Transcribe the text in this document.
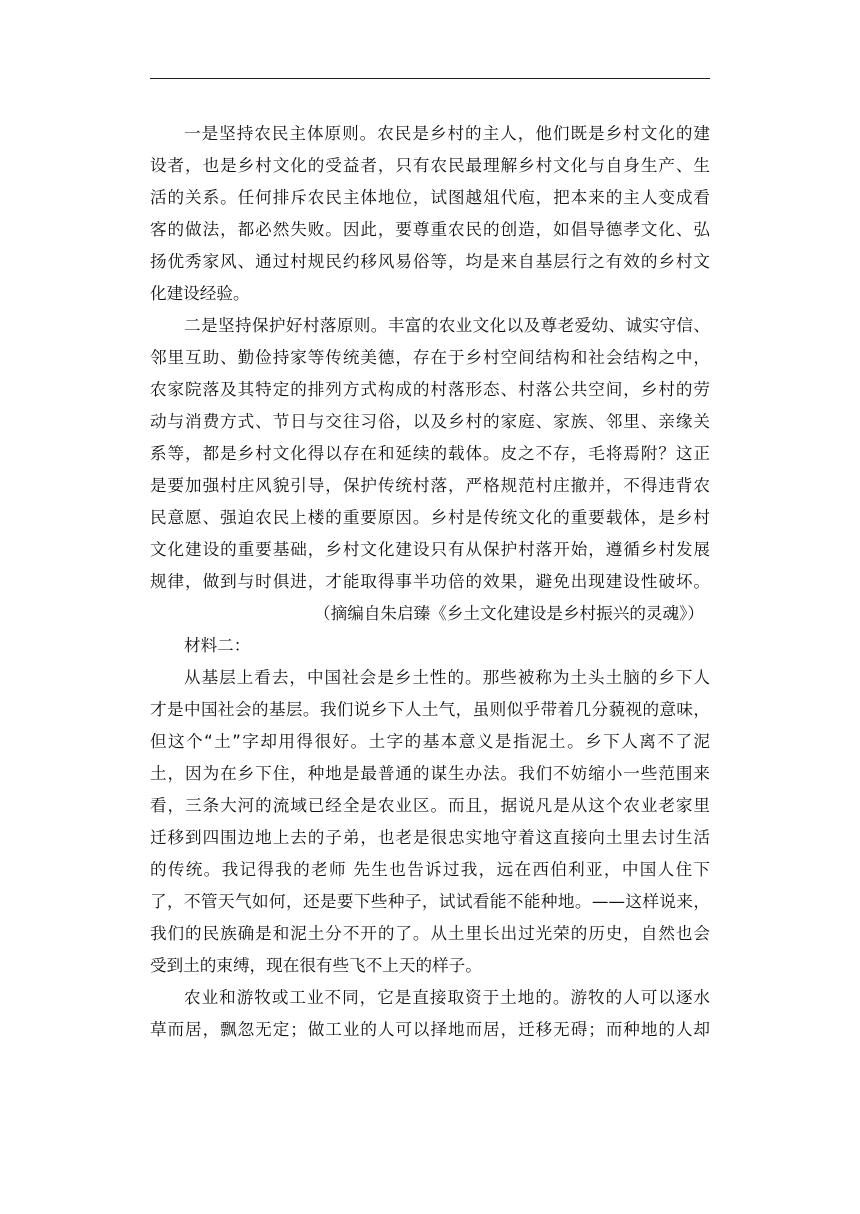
一是坚持农民主体原则。农民是乡村的主人，他们既是乡村文化的建
设者，也是乡村文化的受益者，只有农民最理解乡村文化与自身生产、生
活的关系。任何排斥农民主体地位，试图越俎代庖，把本来的主人变成看
客的做法，都必然失败。因此，要尊重农民的创造，如倡导德孝文化、弘
扬优秀家风、通过村规民约移风易俗等，均是来自基层行之有效的乡村文
化建设经验。
二是坚持保护好村落原则。丰富的农业文化以及尊老爱幼、诚实守信、
邻里互助、勤俭持家等传统美德，存在于乡村空间结构和社会结构之中，
农家院落及其特定的排列方式构成的村落形态、村落公共空间，乡村的劳
动与消费方式、节日与交往习俗，以及乡村的家庭、家族、邻里、亲缘关
系等，都是乡村文化得以存在和延续的载体。皮之不存，毛将焉附？这正
是要加强村庄风貌引导，保护传统村落，严格规范村庄撤并，不得违背农
民意愿、强迫农民上楼的重要原因。乡村是传统文化的重要载体，是乡村
文化建设的重要基础，乡村文化建设只有从保护村落开始，遵循乡村发展
规律，做到与时俱进，才能取得事半功倍的效果，避免出现建设性破坏。
（摘编自朱启臻《乡土文化建设是乡村振兴的灵魂》）
材料二：
从基层上看去，中国社会是乡土性的。那些被称为土头土脑的乡下人
才是中国社会的基层。我们说乡下人土气，虽则似乎带着几分藐视的意味，
但这个“土”字却用得很好。土字的基本意义是指泥土。乡下人离不了泥
土，因为在乡下住，种地是最普通的谋生办法。我们不妨缩小一些范围来
看，三条大河的流域已经全是农业区。而且，据说凡是从这个农业老家里
迁移到四围边地上去的子弟，也老是很忠实地守着这直接向土里去讨生活
的传统。我记得我的老师 先生也告诉过我，远在西伯利亚，中国人住下
了，不管天气如何，还是要下些种子，试试看能不能种地。——这样说来，
我们的民族确是和泥土分不开的了。从土里长出过光荣的历史，自然也会
受到土的束缚，现在很有些飞不上天的样子。
农业和游牧或工业不同，它是直接取资于土地的。游牧的人可以逐水
草而居，飘忽无定；做工业的人可以择地而居，迁移无碍；而种地的人却
